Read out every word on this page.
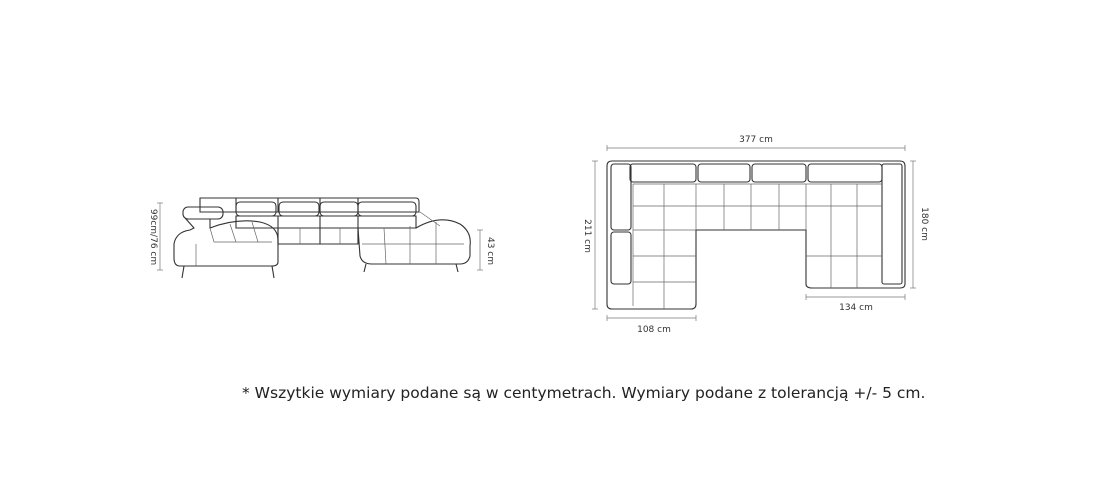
99cm/76 cm	43 cm
377 cm
211 cm	180 cm
108 cm
134 cm
* Wszytkie wymiary podane są w centymetrach. Wymiary podane z tolerancją +/- 5 cm.
